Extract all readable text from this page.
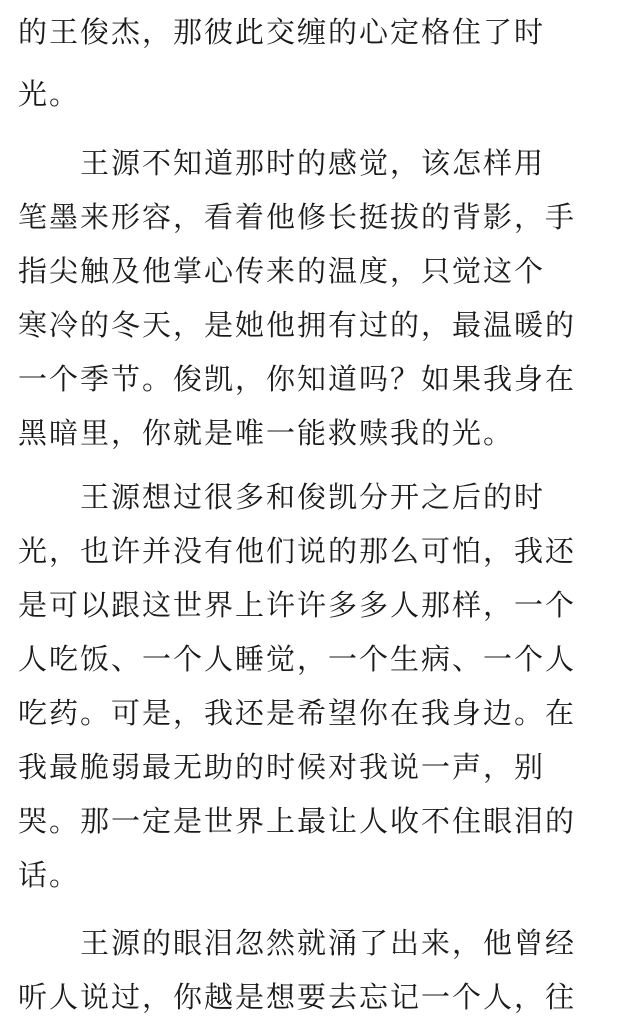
的王俊杰，那彼此交缠的心定格住了时
光。
王源不知道那时的感觉，该怎样用
笔墨来形容，看着他修长挺拔的背影，手
指尖触及他掌心传来的温度，只觉这个
寒冷的冬天，是她他拥有过的，最温暖的
一个季节。俊凯，你知道吗？如果我身在
黑暗里，你就是唯一能救赎我的光。
王源想过很多和俊凯分开之后的时
光，也许并没有他们说的那么可怕，我还
是可以跟这世界上许许多多人那样，一个
人吃饭、一个人睡觉，一个生病、一个人
吃药。可是，我还是希望你在我身边。在
我最脆弱最无助的时候对我说一声，别
哭。那一定是世界上最让人收不住眼泪的
话。
王源的眼泪忽然就涌了出来，他曾经
听人说过，你越是想要去忘记一个人，往
